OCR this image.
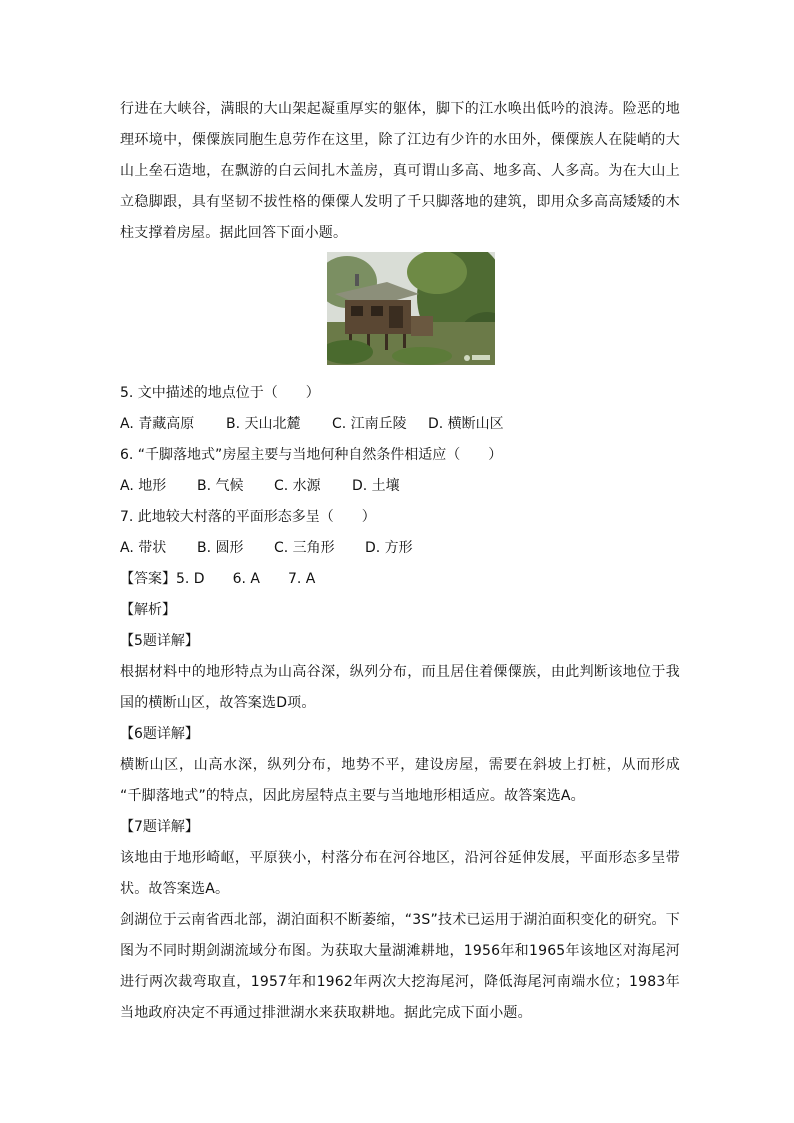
行进在大峡谷，满眼的大山架起凝重厚实的躯体，脚下的江水唤出低吟的浪涛。险恶的地理环境中，傈僳族同胞生息劳作在这里，除了江边有少许的水田外，傈僳族人在陡峭的大山上垒石造地，在飘游的白云间扎木盖房，真可谓山多高、地多高、人多高。为在大山上立稳脚跟，具有坚韧不拔性格的傈僳人发明了千只脚落地的建筑，即用众多高高矮矮的木柱支撑着房屋。据此回答下面小题。

5. 文中描述的地点位于（　　）

A. 青藏高原 B. 天山北麓 C. 江南丘陵 D. 横断山区

6. “千脚落地式”房屋主要与当地何种自然条件相适应（　　）

A. 地形 B. 气候 C. 水源 D. 土壤

7. 此地较大村落的平面形态多呈（　　）

A. 带状 B. 圆形 C. 三角形 D. 方形

【答案】5. D　　6. A　　7. A

【解析】

【5题详解】

根据材料中的地形特点为山高谷深，纵列分布，而且居住着傈僳族，由此判断该地位于我国的横断山区，故答案选D项。

【6题详解】

横断山区，山高水深，纵列分布，地势不平，建设房屋，需要在斜坡上打桩，从而形成 “千脚落地式”的特点，因此房屋特点主要与当地地形相适应。故答案选A。

【7题详解】

该地由于地形崎岖，平原狭小，村落分布在河谷地区，沿河谷延伸发展，平面形态多呈带状。故答案选A。

剑湖位于云南省西北部，湖泊面积不断萎缩，“3S”技术已运用于湖泊面积变化的研究。下图为不同时期剑湖流域分布图。为获取大量湖滩耕地，1956年和1965年该地区对海尾河进行两次裁弯取直，1957年和1962年两次大挖海尾河，降低海尾河南端水位；1983年当地政府决定不再通过排泄湖水来获取耕地。据此完成下面小题。
